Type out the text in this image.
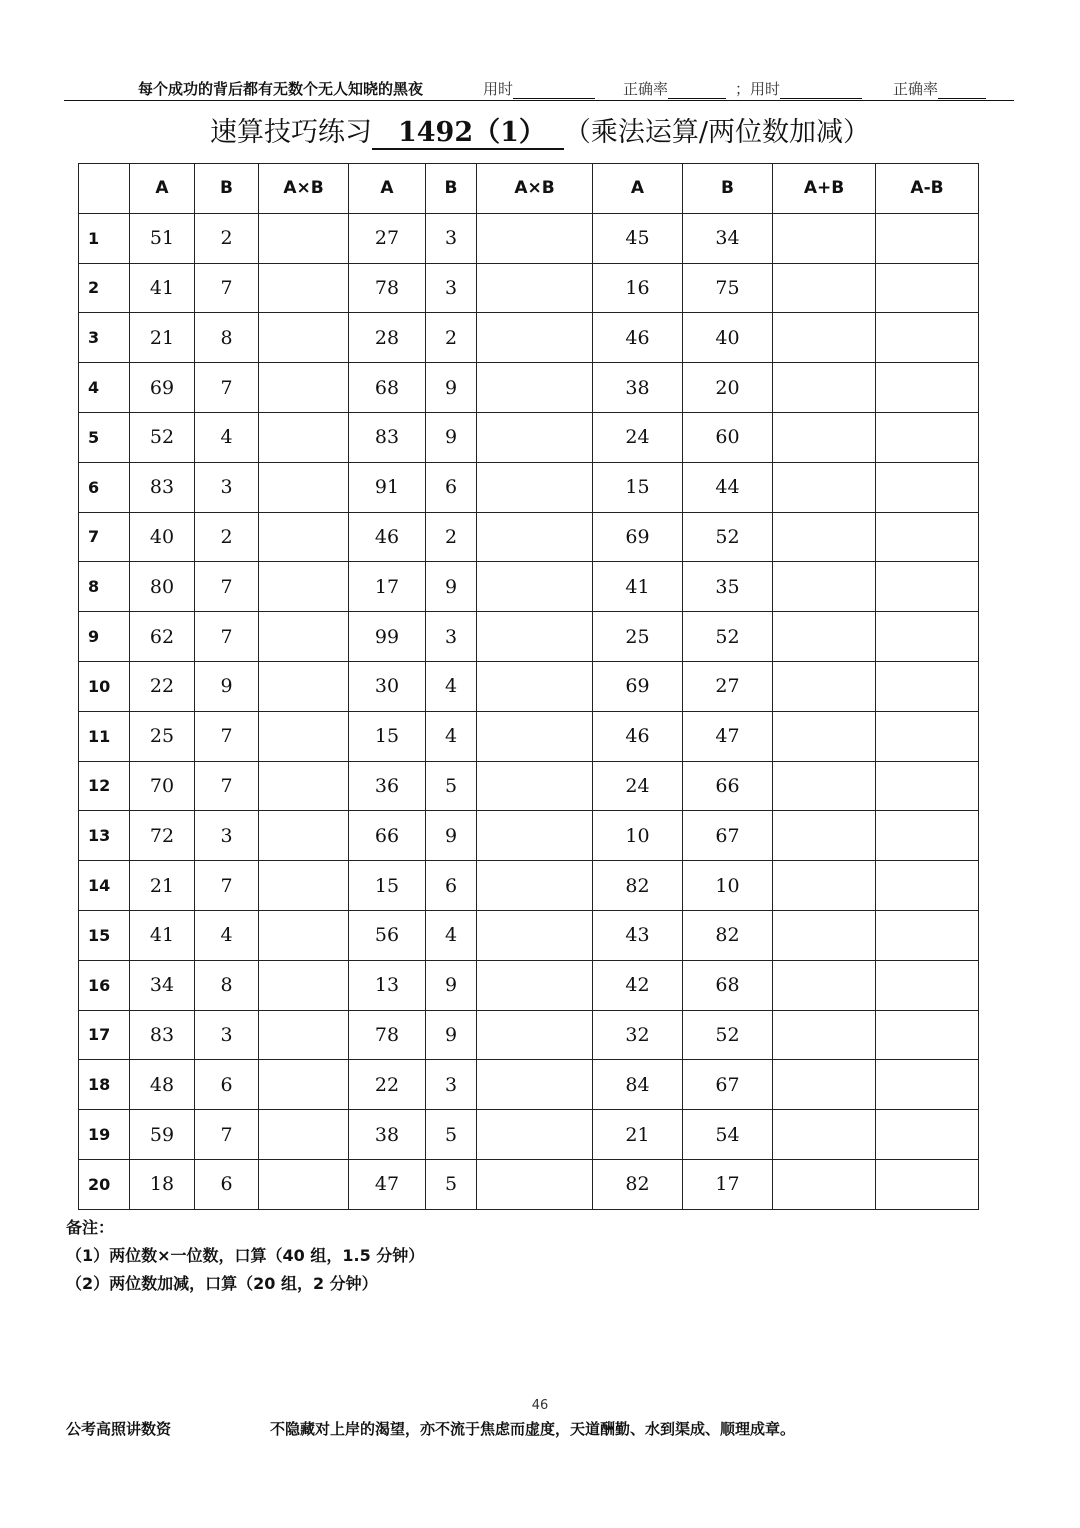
每个成功的背后都有无数个无人知晓的黑夜	用时	正确率	；用时	正确率
速算技巧练习 1492（1） （乘法运算/两位数加减）
	A	B	A×B	A	B	A×B	A	B	A+B	A-B
1	51	2		27	3		45	34		
2	41	7		78	3		16	75		
3	21	8		28	2		46	40		
4	69	7		68	9		38	20		
5	52	4		83	9		24	60		
6	83	3		91	6		15	44		
7	40	2		46	2		69	52		
8	80	7		17	9		41	35		
9	62	7		99	3		25	52		
10	22	9		30	4		69	27		
11	25	7		15	4		46	47		
12	70	7		36	5		24	66		
13	72	3		66	9		10	67		
14	21	7		15	6		82	10		
15	41	4		56	4		43	82		
16	34	8		13	9		42	68		
17	83	3		78	9		32	52		
18	48	6		22	3		84	67		
19	59	7		38	5		21	54		
20	18	6		47	5		82	17		
备注：
（1）两位数×一位数，口算（40 组，1.5 分钟）
（2）两位数加减，口算（20 组，2 分钟）
46
公考高照讲数资	不隐藏对上岸的渴望，亦不流于焦虑而虚度，天道酬勤、水到渠成、顺理成章。
